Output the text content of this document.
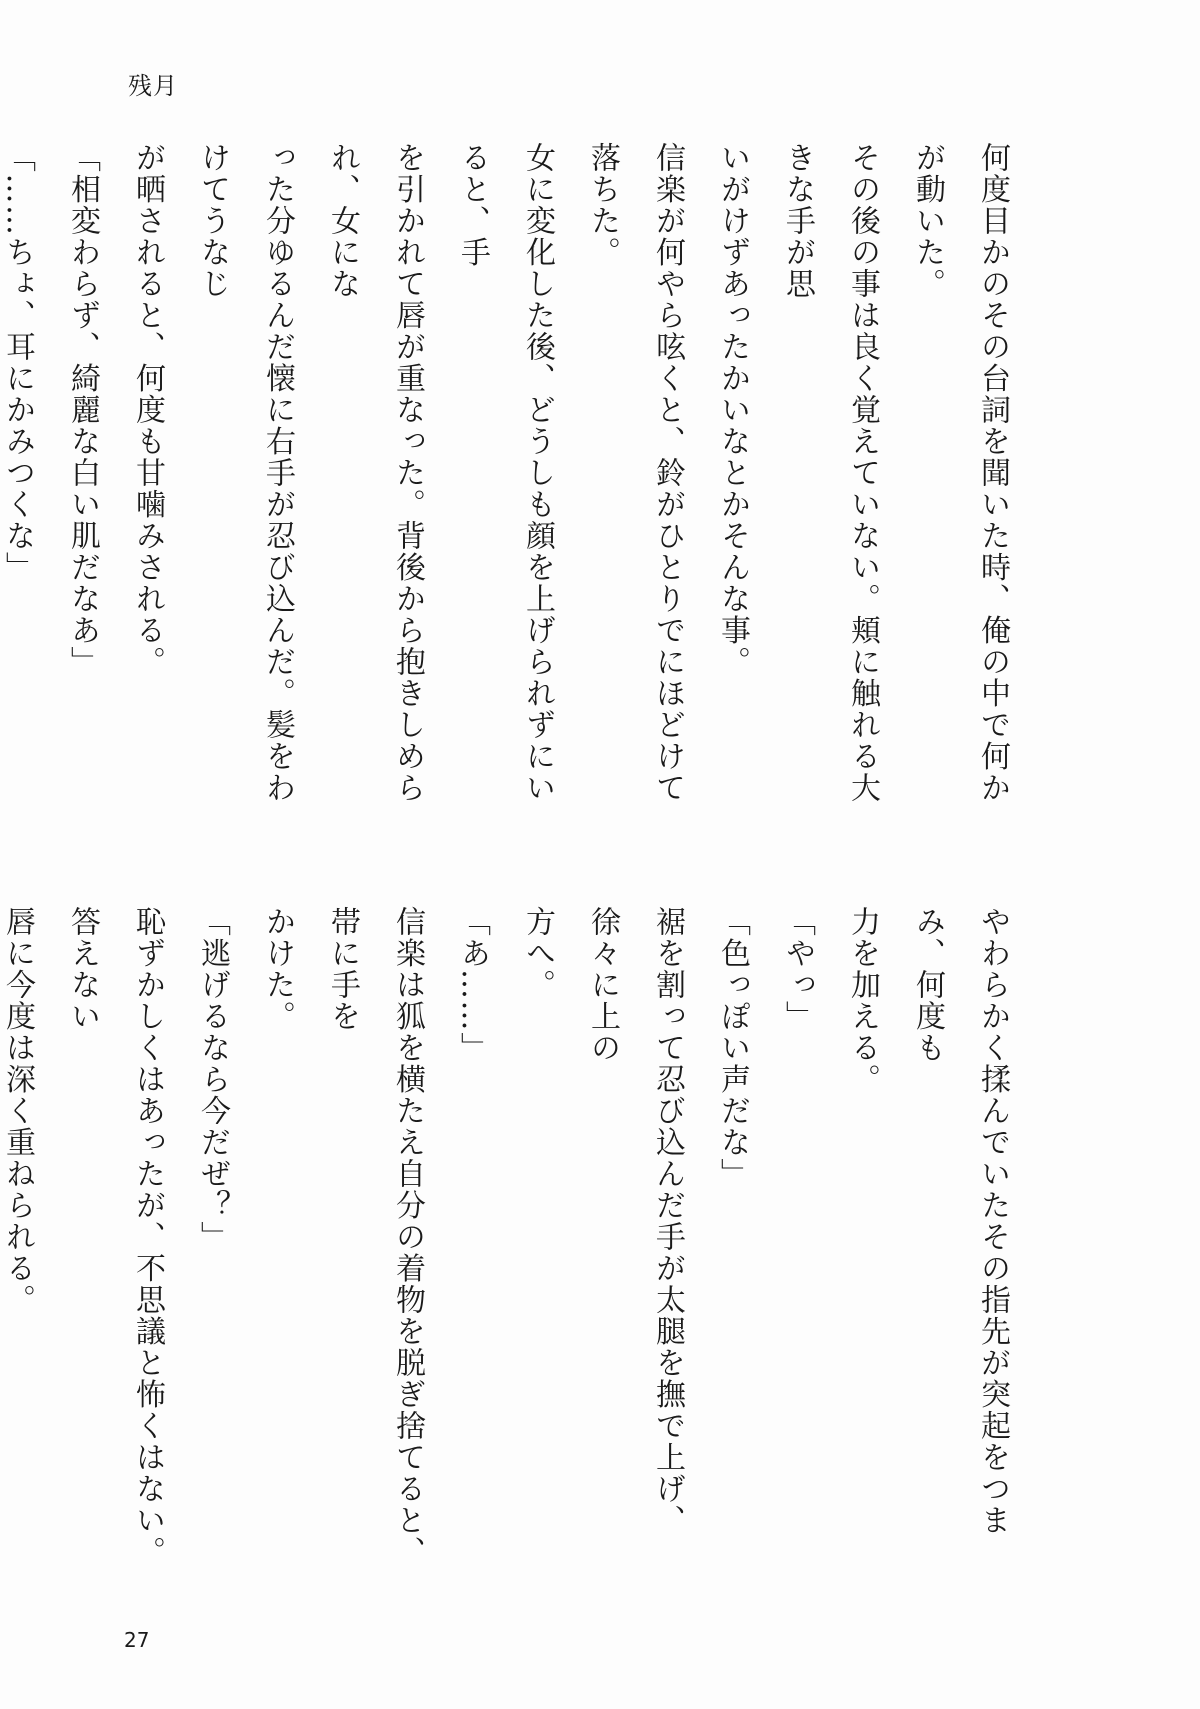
残月

何度目かのその台詞を聞いた時、俺の中で何かが動いた。

その後の事は良く覚えていない。頬に触れる大きな手が思

いがけずあったかいなとかそんな事。

信楽が何やら呟くと、鈴がひとりでにほどけて落ちた。

女に変化した後、どうしも顔を上げられずにいると、手

を引かれて唇が重なった。背後から抱きしめられ、女にな

った分ゆるんだ懐に右手が忍び込んだ。髪をわけてうなじ

が晒されると、何度も甘噛みされる。

「相変わらず、綺麗な白い肌だなあ」

「……ちょ、耳にかみつくな」

やわらかく揉んでいたその指先が突起をつまみ、何度も

力を加える。

「やっ」

「色っぽい声だな」

裾を割って忍び込んだ手が太腿を撫で上げ、徐々に上の

方へ。

「あ……」

信楽は狐を横たえ自分の着物を脱ぎ捨てると、帯に手を

かけた。

「逃げるなら今だぜ？」

恥ずかしくはあったが、不思議と怖くはない。答えない

唇に今度は深く重ねられる。

27
